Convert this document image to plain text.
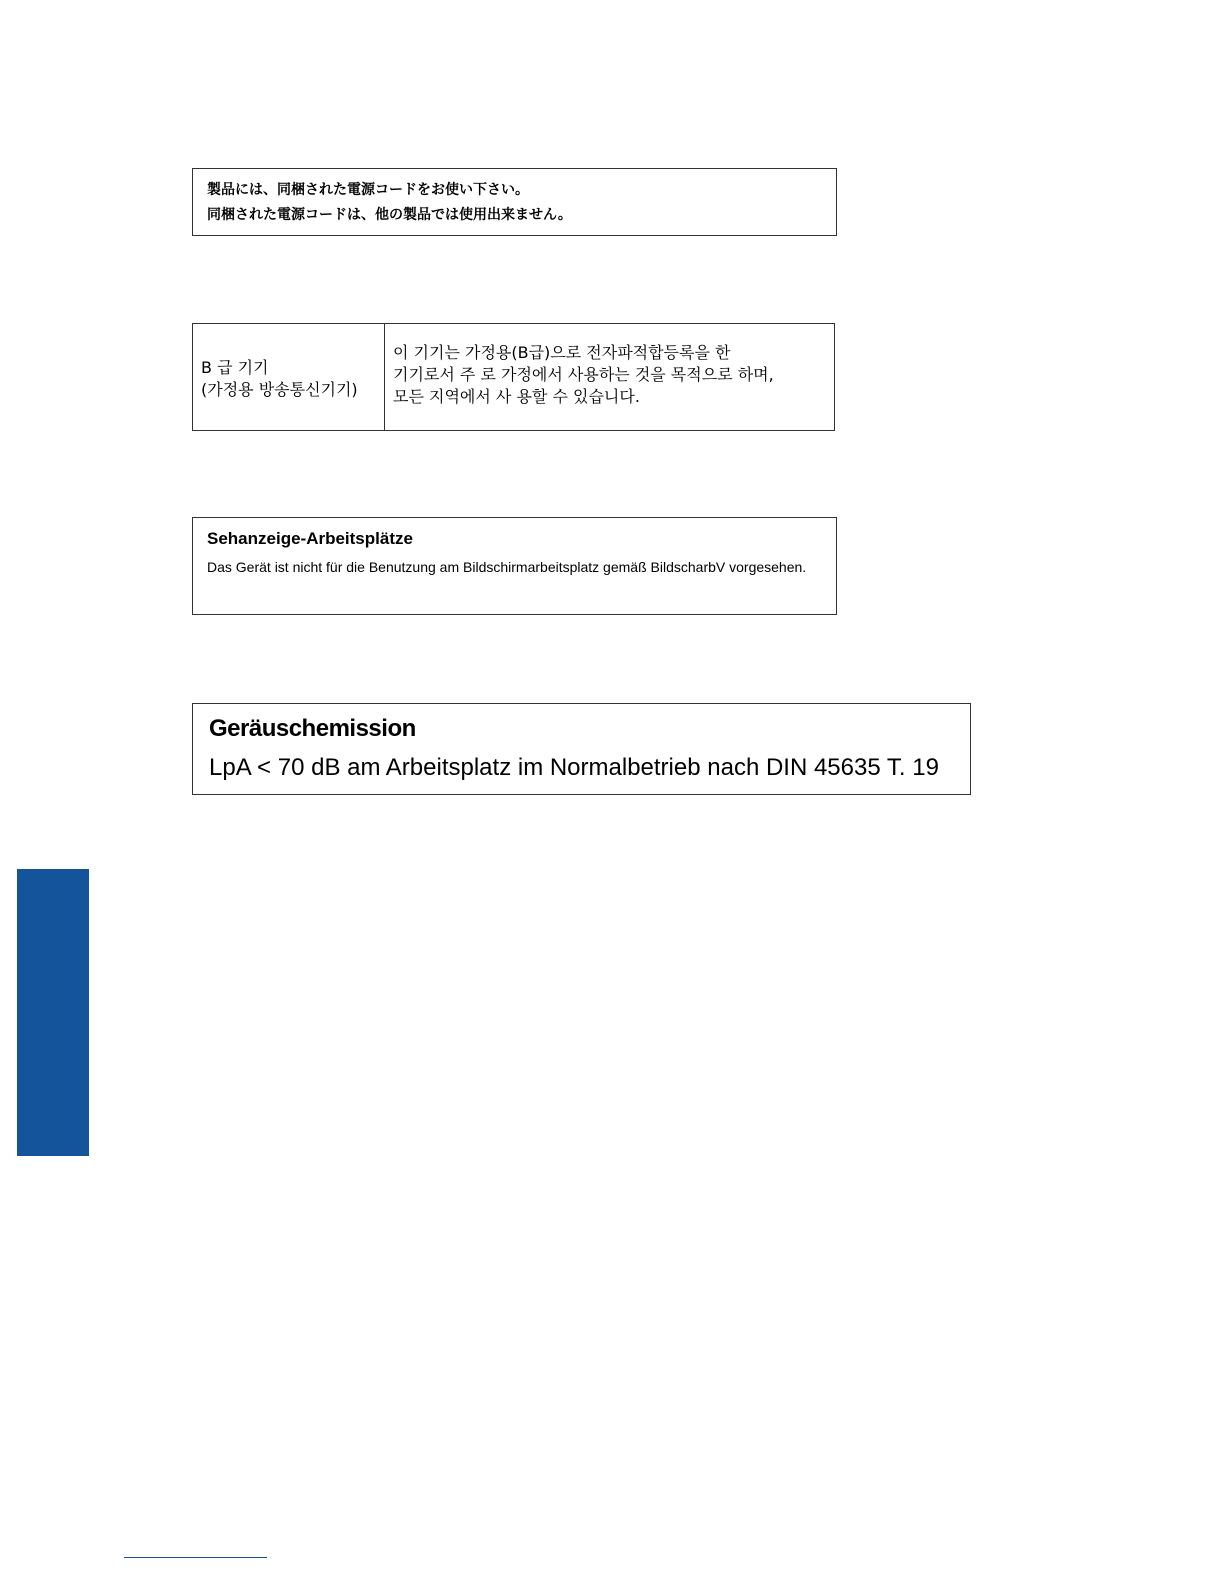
製品には、同梱された電源コードをお使い下さい。
同梱された電源コードは、他の製品では使用出来ません。
B 급 기기
(가정용 방송통신기기)
이 기기는 가정용(B급)으로 전자파적합등록을 한
기기로서 주 로 가정에서 사용하는 것을 목적으로 하며,
모든 지역에서 사 용할 수 있습니다.
Sehanzeige-Arbeitsplätze
Das Gerät ist nicht für die Benutzung am Bildschirmarbeitsplatz gemäß BildscharbV vorgesehen.
Geräuschemission
LpA < 70 dB am Arbeitsplatz im Normalbetrieb nach DIN 45635 T. 19
